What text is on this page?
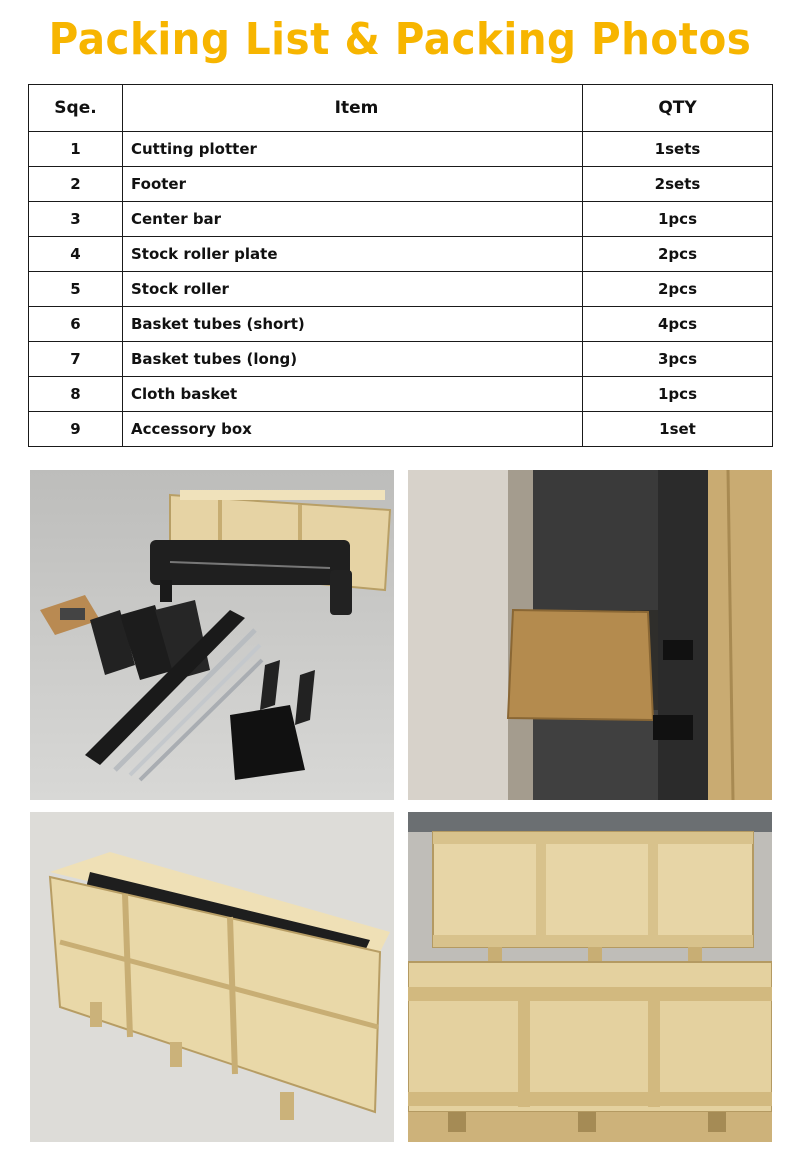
Packing List & Packing Photos
Sqe.	Item	QTY
1	Cutting plotter	1sets
2	Footer	2sets
3	Center bar	1pcs
4	Stock roller plate	2pcs
5	Stock roller	2pcs
6	Basket tubes (short)	4pcs
7	Basket tubes (long)	3pcs
8	Cloth basket	1pcs
9	Accessory box	1set
